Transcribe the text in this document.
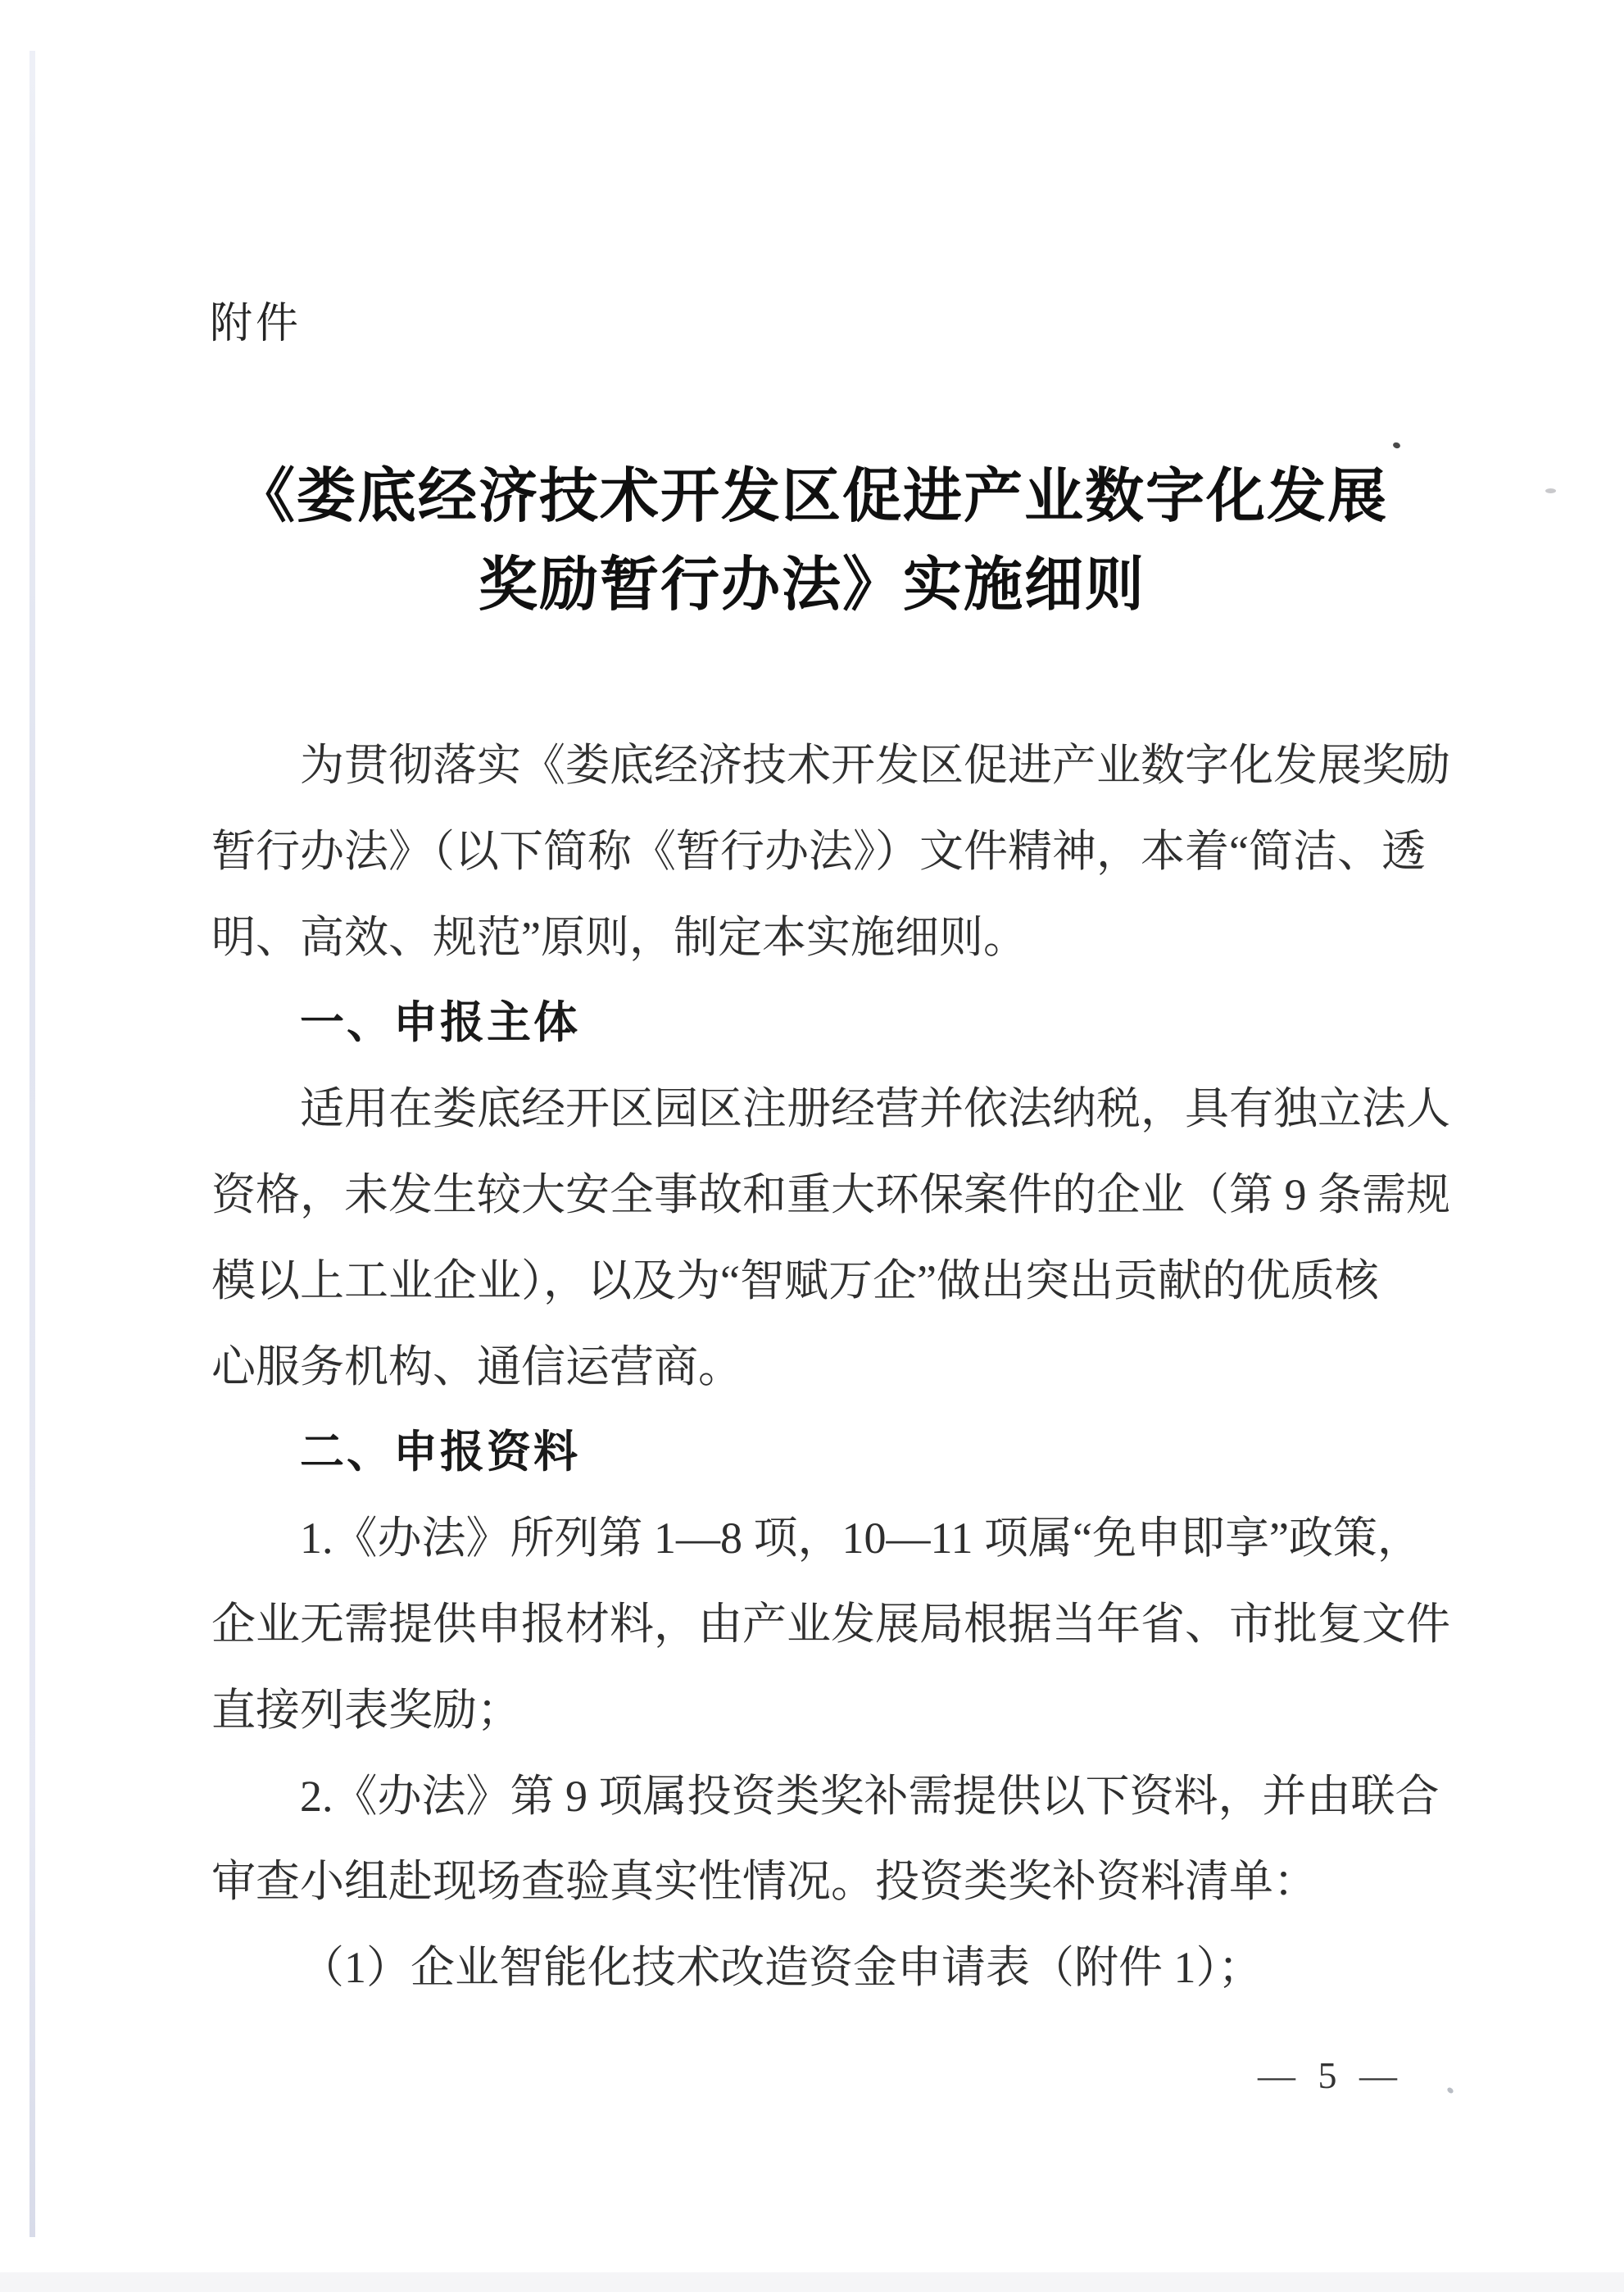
附件
《娄底经济技术开发区促进产业数字化发展
奖励暂行办法》实施细则
为贯彻落实《娄底经济技术开发区促进产业数字化发展奖励
暂行办法》（以下简称《暂行办法》）文件精神，本着“简洁、透
明、高效、规范”原则，制定本实施细则。
一、申报主体
适用在娄底经开区园区注册经营并依法纳税，具有独立法人
资格，未发生较大安全事故和重大环保案件的企业（第 9 条需规
模以上工业企业），以及为“智赋万企”做出突出贡献的优质核
心服务机构、通信运营商。
二、申报资料
1.《办法》所列第 1—8 项，10—11 项属“免申即享”政策，
企业无需提供申报材料，由产业发展局根据当年省、市批复文件
直接列表奖励；
2.《办法》第 9 项属投资类奖补需提供以下资料，并由联合
审查小组赴现场查验真实性情况。投资类奖补资料清单：
（1）企业智能化技术改造资金申请表（附件 1）；
— 5 —
